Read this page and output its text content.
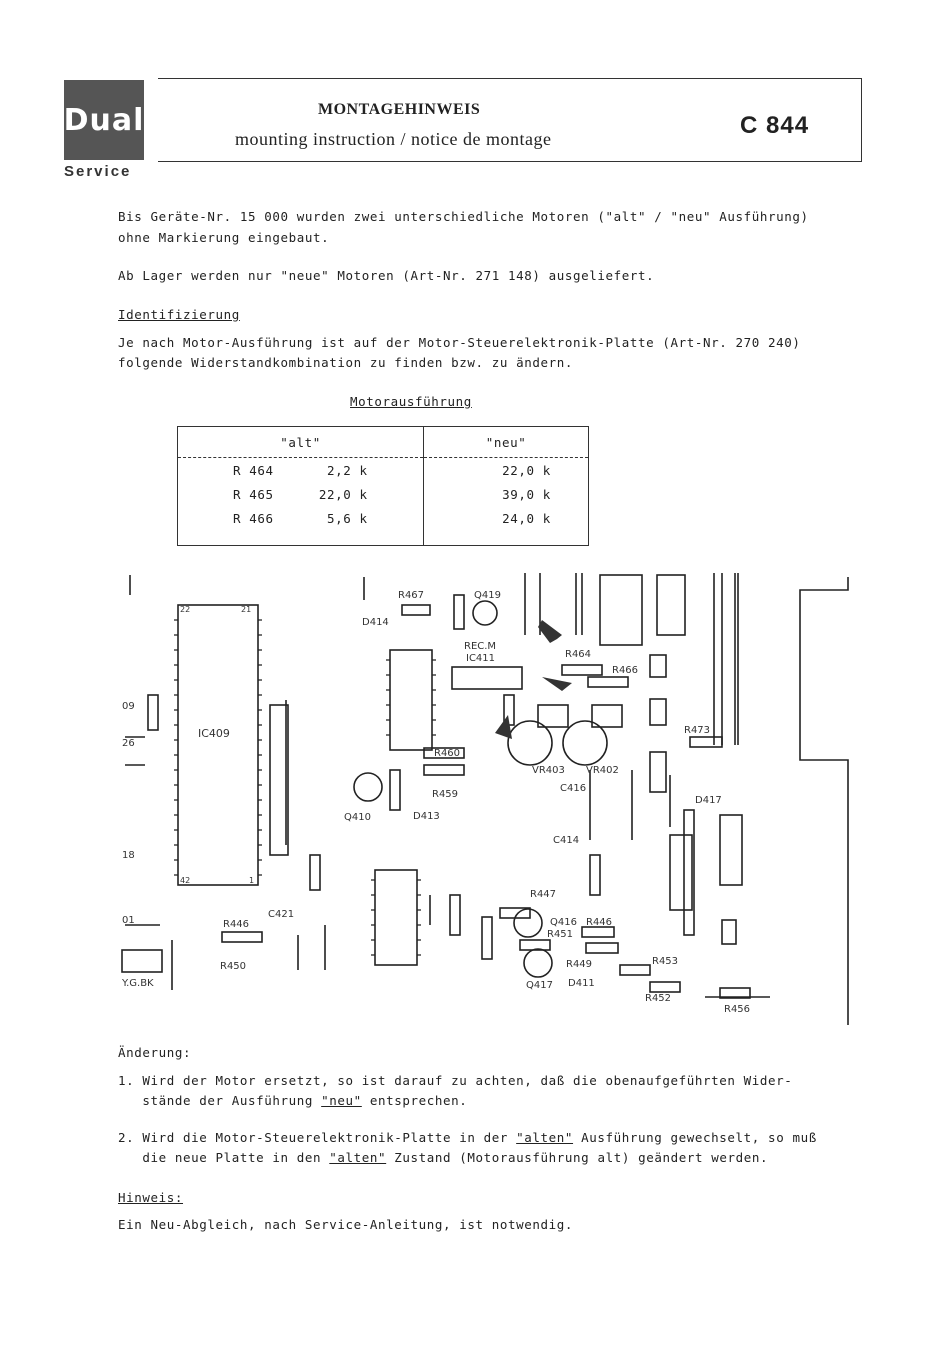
Dual
Service
MONTAGEHINWEIS
mounting instruction / notice de montage	C 844
Bis Geräte-Nr. 15 000 wurden zwei unterschiedliche Motoren ("alt" / "neu" Ausführung)
ohne Markierung eingebaut.
Ab Lager werden nur "neue" Motoren (Art-Nr. 271 148) ausgeliefert.
Identifizierung
Je nach Motor-Ausführung ist auf der Motor-Steuerelektronik-Platte (Art-Nr. 270 240)
folgende Widerstandkombination zu finden bzw. zu ändern.
Motorausführung
"alt"	"neu"
R 464 2,2 k	22,0 k
R 465 22,0 k	39,0 k
R 466 5,6 k	24,0 k

IC409
R467	Q419
D414
REC.M
IC411	R464
R466
R473
R460
VR403 VR402
R459
C416
D417
Q410	D413
C414
R447
Q416 R446
R451
R449	R453
D411
Q417
R452
R456
R446
C421
R450
Y.G.BK
09
26
18
01
22	21
42	1
Änderung:
1. Wird der Motor ersetzt, so ist darauf zu achten, daß die obenaufgeführten Wider-
stände der Ausführung "neu" entsprechen.
2. Wird die Motor-Steuerelektronik-Platte in der "alten" Ausführung gewechselt, so muß
die neue Platte in den "alten" Zustand (Motorausführung alt) geändert werden.
Hinweis:
Ein Neu-Abgleich, nach Service-Anleitung, ist notwendig.
